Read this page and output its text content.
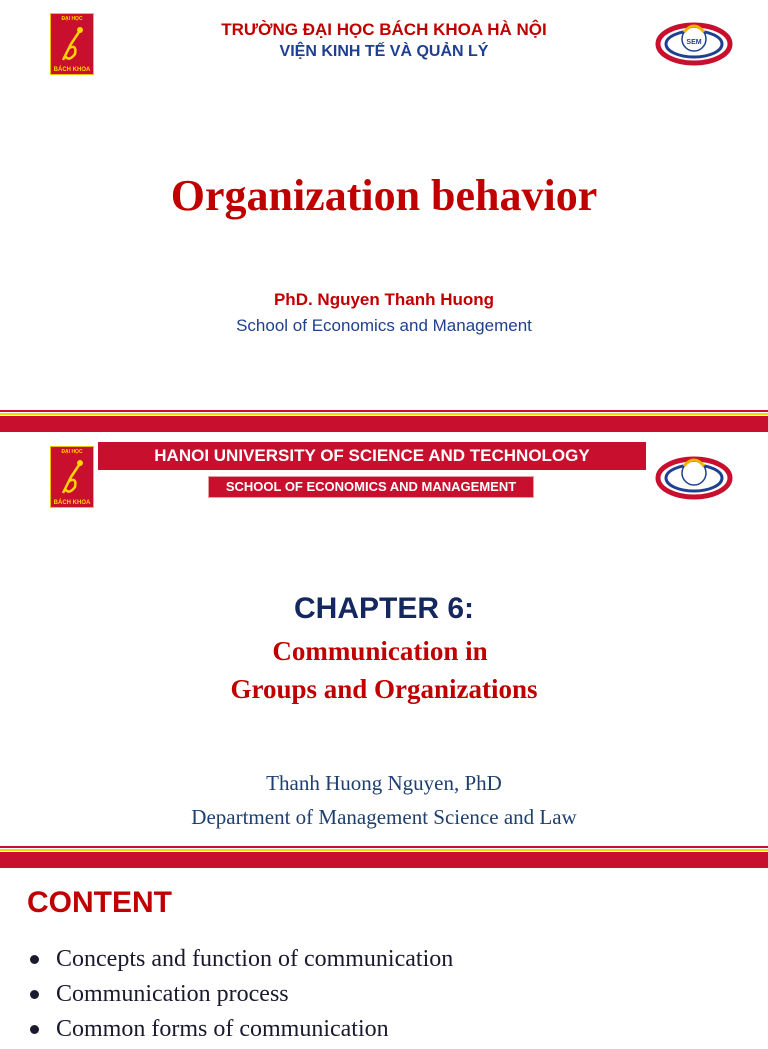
ĐẠI HỌC
BÁCH KHOA
TRƯỜNG ĐẠI HỌC BÁCH KHOA HÀ NỘI
VIỆN KINH TẾ VÀ QUẢN LÝ
SEM
Organization behavior
PhD. Nguyen Thanh Huong
School of Economics and Management
ĐẠI HỌC
BÁCH KHOA
HANOI UNIVERSITY OF SCIENCE AND TECHNOLOGY
SCHOOL OF ECONOMICS AND MANAGEMENT
CHAPTER 6:
Communication in
Groups and Organizations
Thanh Huong Nguyen, PhD
Department of Management Science and Law
CONTENT
Concepts and function of communication
Communication process
Common forms of communication
